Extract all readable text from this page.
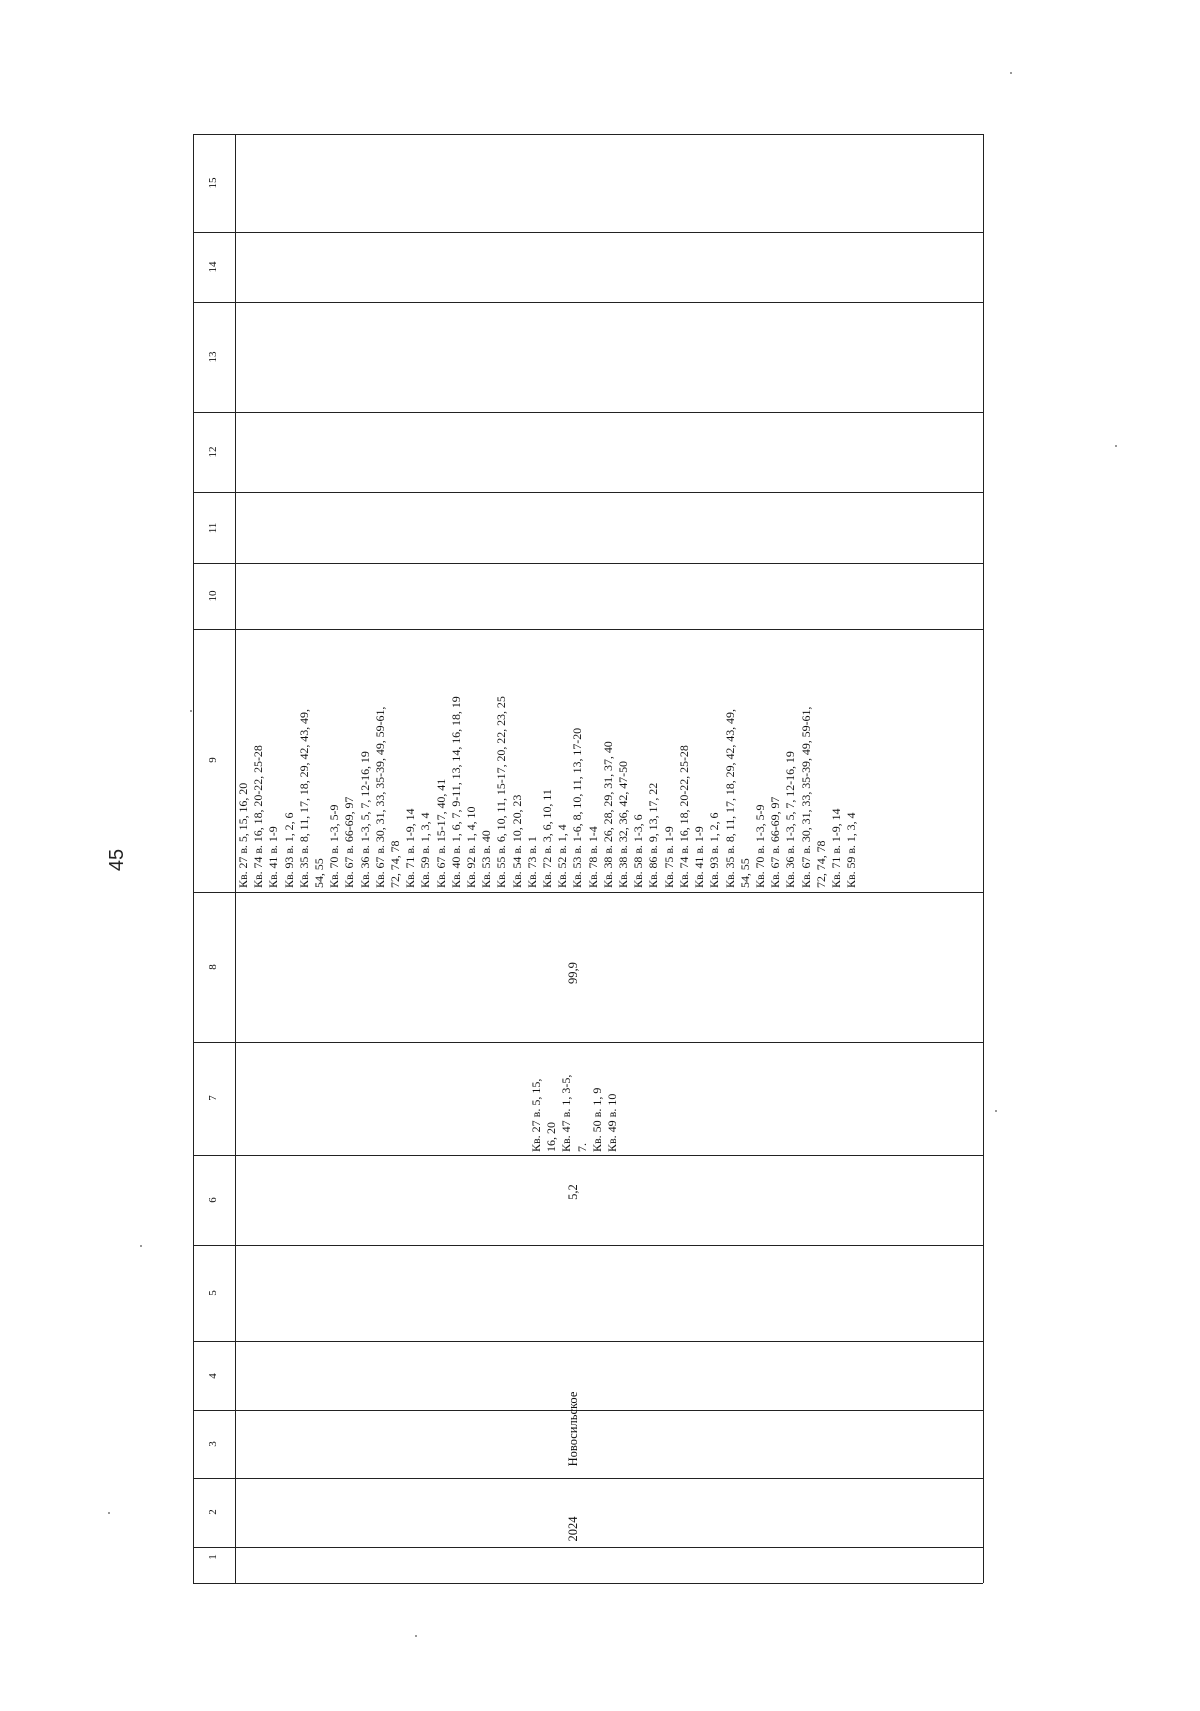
45
1
2
3
4
5
6
7
8
9
10
11
12
13
14
15
2024
Новосильское
5,2
Кв. 27 в. 5, 15, 16, 20 Кв. 47 в. 1, 3-5, 7. Кв. 50 в. 1, 9 Кв. 49 в. 10
99,9
Кв. 27 в. 5, 15, 16, 20 Кв. 74 в. 16, 18, 20-22, 25-28 Кв. 41 в. 1-9 Кв. 93 в. 1, 2, 6 Кв. 35 в. 8, 11, 17, 18, 29, 42, 43, 49, 54, 55 Кв. 70 в. 1-3, 5-9 Кв. 67 в. 66-69, 97 Кв. 36 в. 1-3, 5, 7, 12-16, 19 Кв. 67 в. 30, 31, 33, 35-39, 49, 59-61, 72, 74, 78 Кв. 71 в. 1-9, 14 Кв. 59 в. 1, 3, 4 Кв. 67 в. 15-17, 40, 41 Кв. 40 в. 1, 6, 7, 9-11, 13, 14, 16, 18, 19 Кв. 92 в. 1, 4, 10 Кв. 53 в. 40 Кв. 55 в. 6, 10, 11, 15-17, 20, 22, 23, 25 Кв. 54 в. 10, 20, 23 Кв. 73 в. 1 Кв. 72 в. 3, 6, 10, 11 Кв. 52 в. 1, 4 Кв. 53 в. 1-6, 8, 10, 11, 13, 17-20 Кв. 78 в. 1-4 Кв. 38 в. 26, 28, 29, 31, 37, 40 Кв. 38 в. 32, 36, 42, 47-50 Кв. 58 в. 1-3, 6 Кв. 86 в. 9, 13, 17, 22 Кв. 75 в. 1-9 Кв. 74 в. 16, 18, 20-22, 25-28 Кв. 41 в. 1-9 Кв. 93 в. 1, 2, 6 Кв. 35 в. 8, 11, 17, 18, 29, 42, 43, 49, 54, 55 Кв. 70 в. 1-3, 5-9 Кв. 67 в. 66-69, 97 Кв. 36 в. 1-3, 5, 7, 12-16, 19 Кв. 67 в. 30, 31, 33, 35-39, 49, 59-61, 72, 74, 78 Кв. 71 в. 1-9, 14 Кв. 59 в. 1, 3, 4
